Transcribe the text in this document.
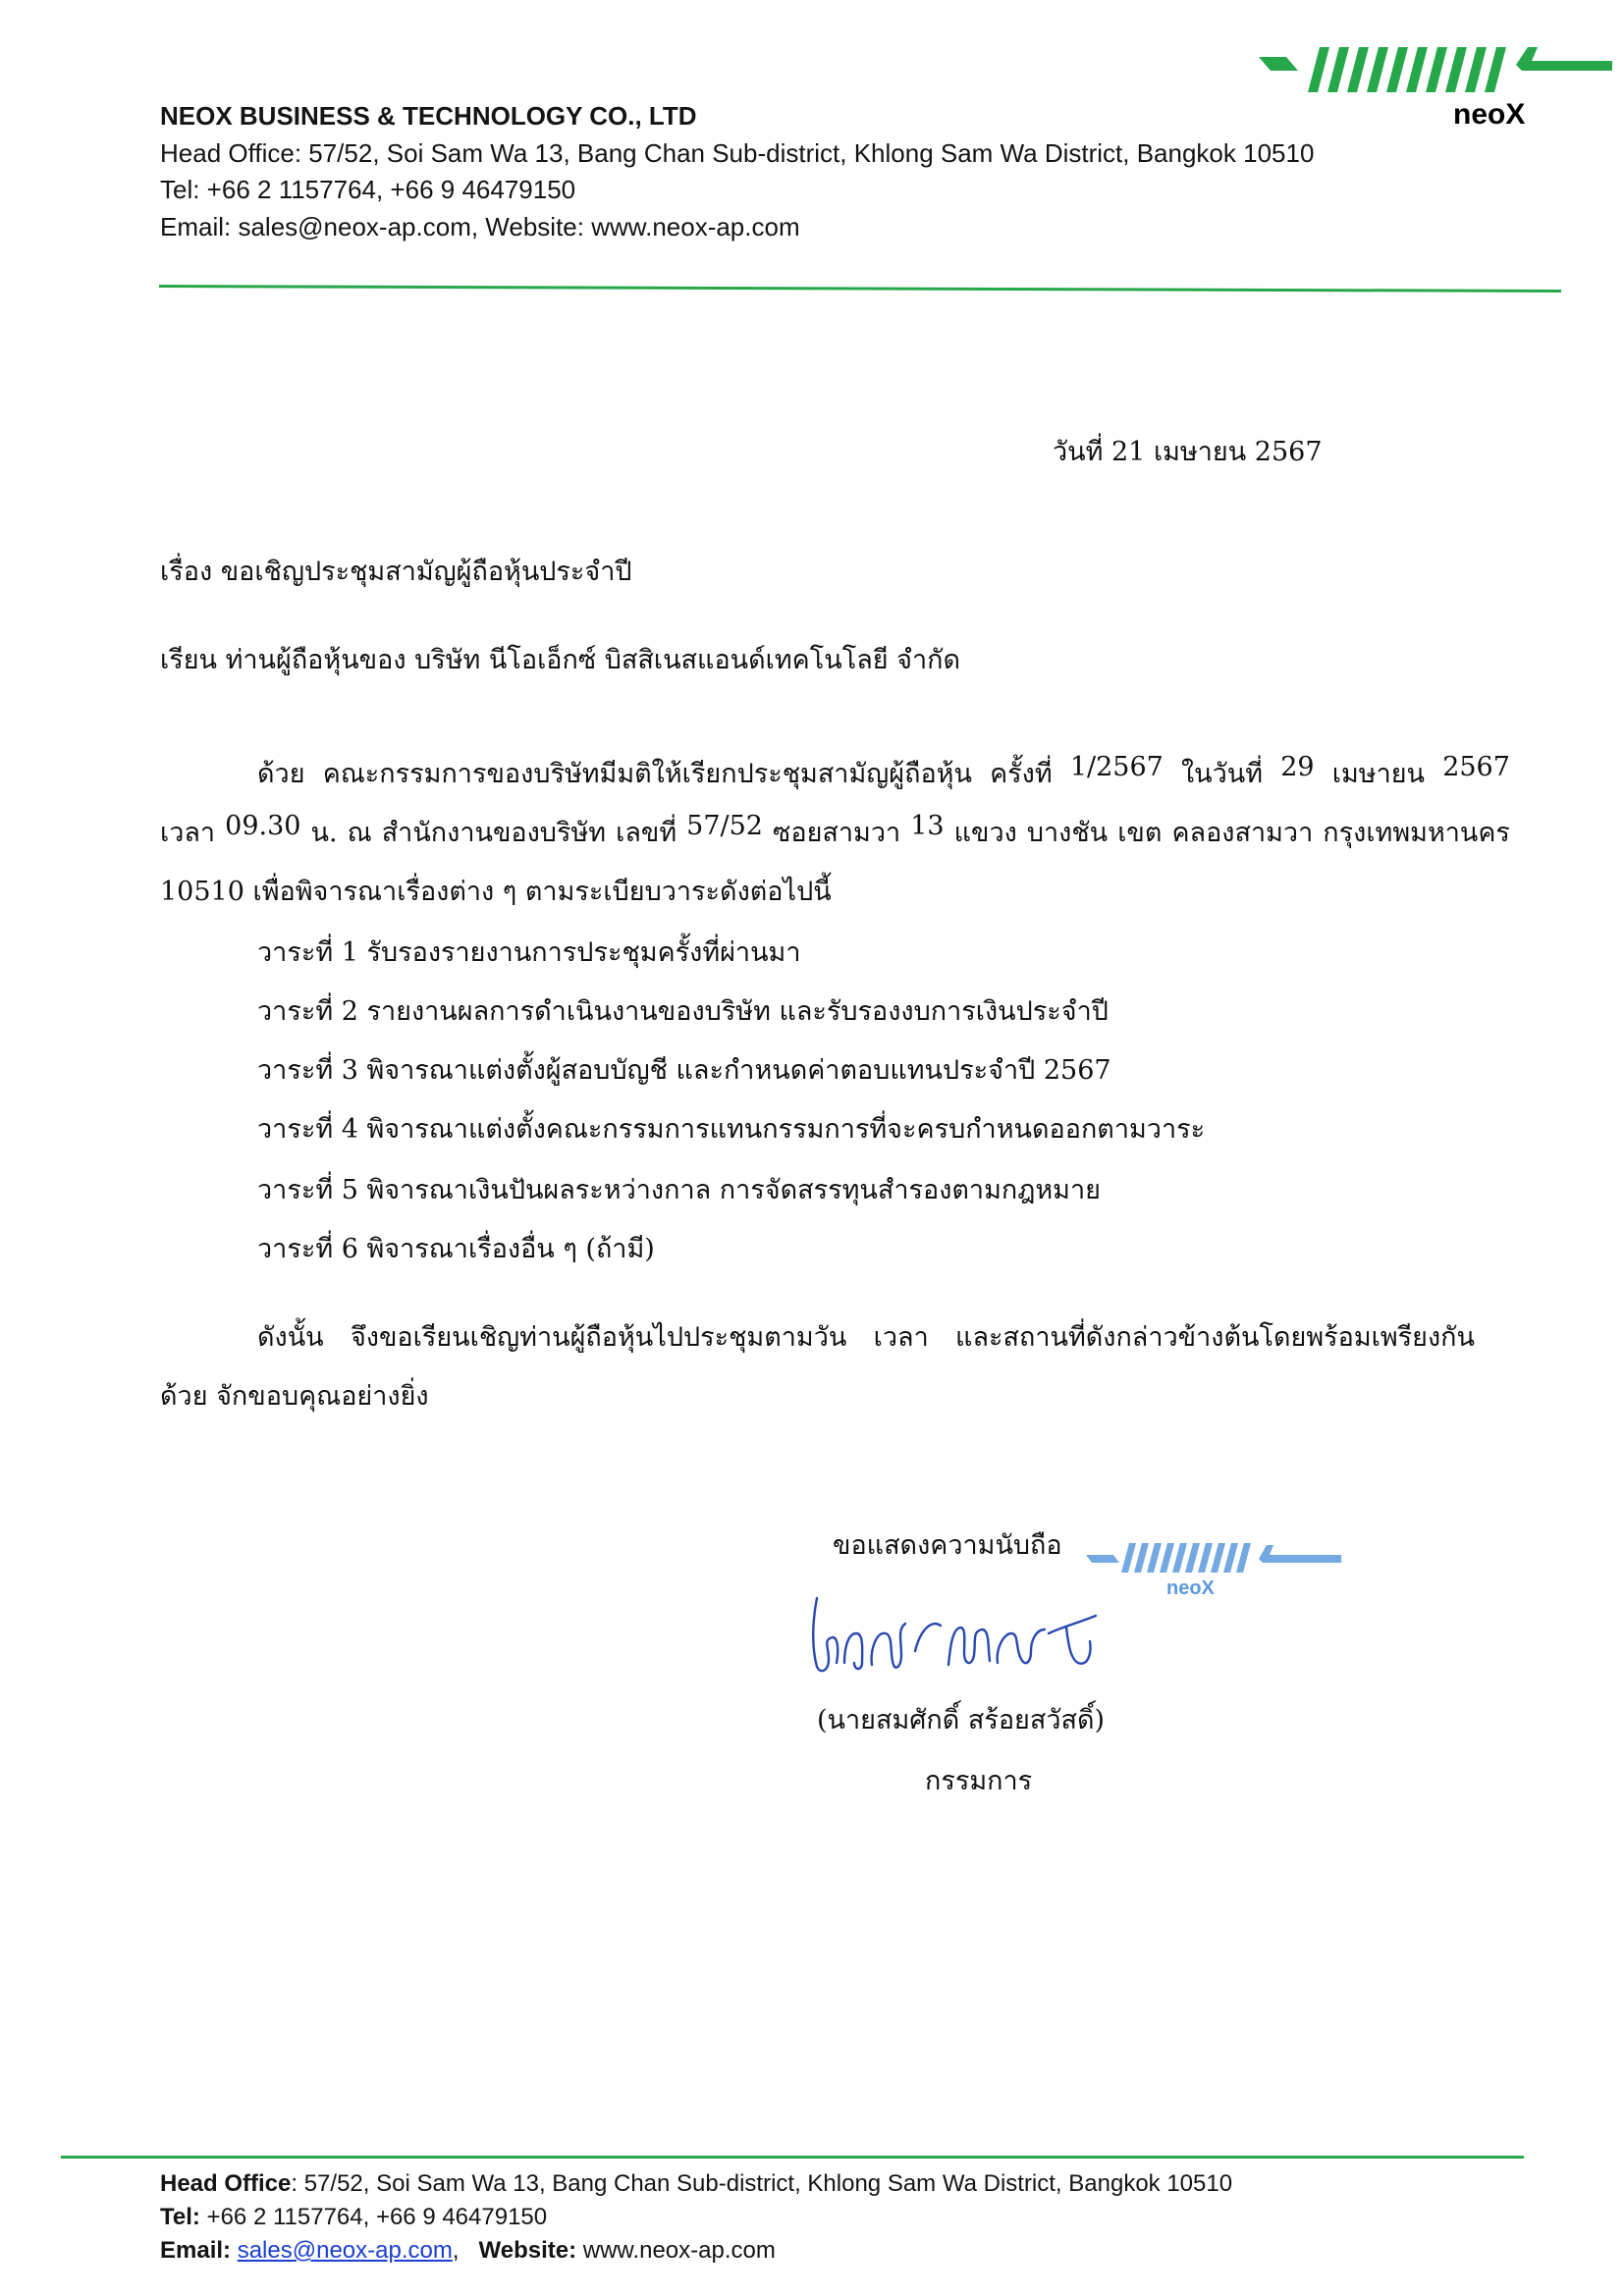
NEOX BUSINESS & TECHNOLOGY CO., LTD
Head Office: 57/52, Soi Sam Wa 13, Bang Chan Sub-district, Khlong Sam Wa District, Bangkok 10510
Tel: +66 2 1157764, +66 9 46479150
Email: sales@neox-ap.com, Website: www.neox-ap.com
neoX
วันที่ 21 เมษายน 2567
เรื่อง ขอเชิญประชุมสามัญผู้ถือหุ้นประจำปี
เรียน ท่านผู้ถือหุ้นของ บริษัท นีโอเอ็กซ์ บิสสิเนสแอนด์เทคโนโลยี จำกัด
ด้วย คณะกรรมการของบริษัทมีมติให้เรียกประชุมสามัญผู้ถือหุ้น ครั้งที่ 1/2567 ในวันที่ 29 เมษายน 2567
เวลา 09.30 น. ณ สำนักงานของบริษัท เลขที่ 57/52 ซอยสามวา 13 แขวง บางชัน เขต คลองสามวา กรุงเทพมหานคร
10510 เพื่อพิจารณาเรื่องต่าง ๆ ตามระเบียบวาระดังต่อไปนี้
วาระที่ 1 รับรองรายงานการประชุมครั้งที่ผ่านมา
วาระที่ 2 รายงานผลการดำเนินงานของบริษัท และรับรองงบการเงินประจำปี
วาระที่ 3 พิจารณาแต่งตั้งผู้สอบบัญชี และกำหนดค่าตอบแทนประจำปี 2567
วาระที่ 4 พิจารณาแต่งตั้งคณะกรรมการแทนกรรมการที่จะครบกำหนดออกตามวาระ
วาระที่ 5 พิจารณาเงินปันผลระหว่างกาล การจัดสรรทุนสำรองตามกฎหมาย
วาระที่ 6 พิจารณาเรื่องอื่น ๆ (ถ้ามี)
ดังนั้น จึงขอเรียนเชิญท่านผู้ถือหุ้นไปประชุมตามวัน เวลา และสถานที่ดังกล่าวข้างต้นโดยพร้อมเพรียงกัน
ด้วย จักขอบคุณอย่างยิ่ง
ขอแสดงความนับถือ
neoX
(นายสมศักดิ์ สร้อยสวัสดิ์)
กรรมการ
Head Office: 57/52, Soi Sam Wa 13, Bang Chan Sub-district, Khlong Sam Wa District, Bangkok 10510
Tel: +66 2 1157764, +66 9 46479150
Email: sales@neox-ap.com,   Website: www.neox-ap.com
